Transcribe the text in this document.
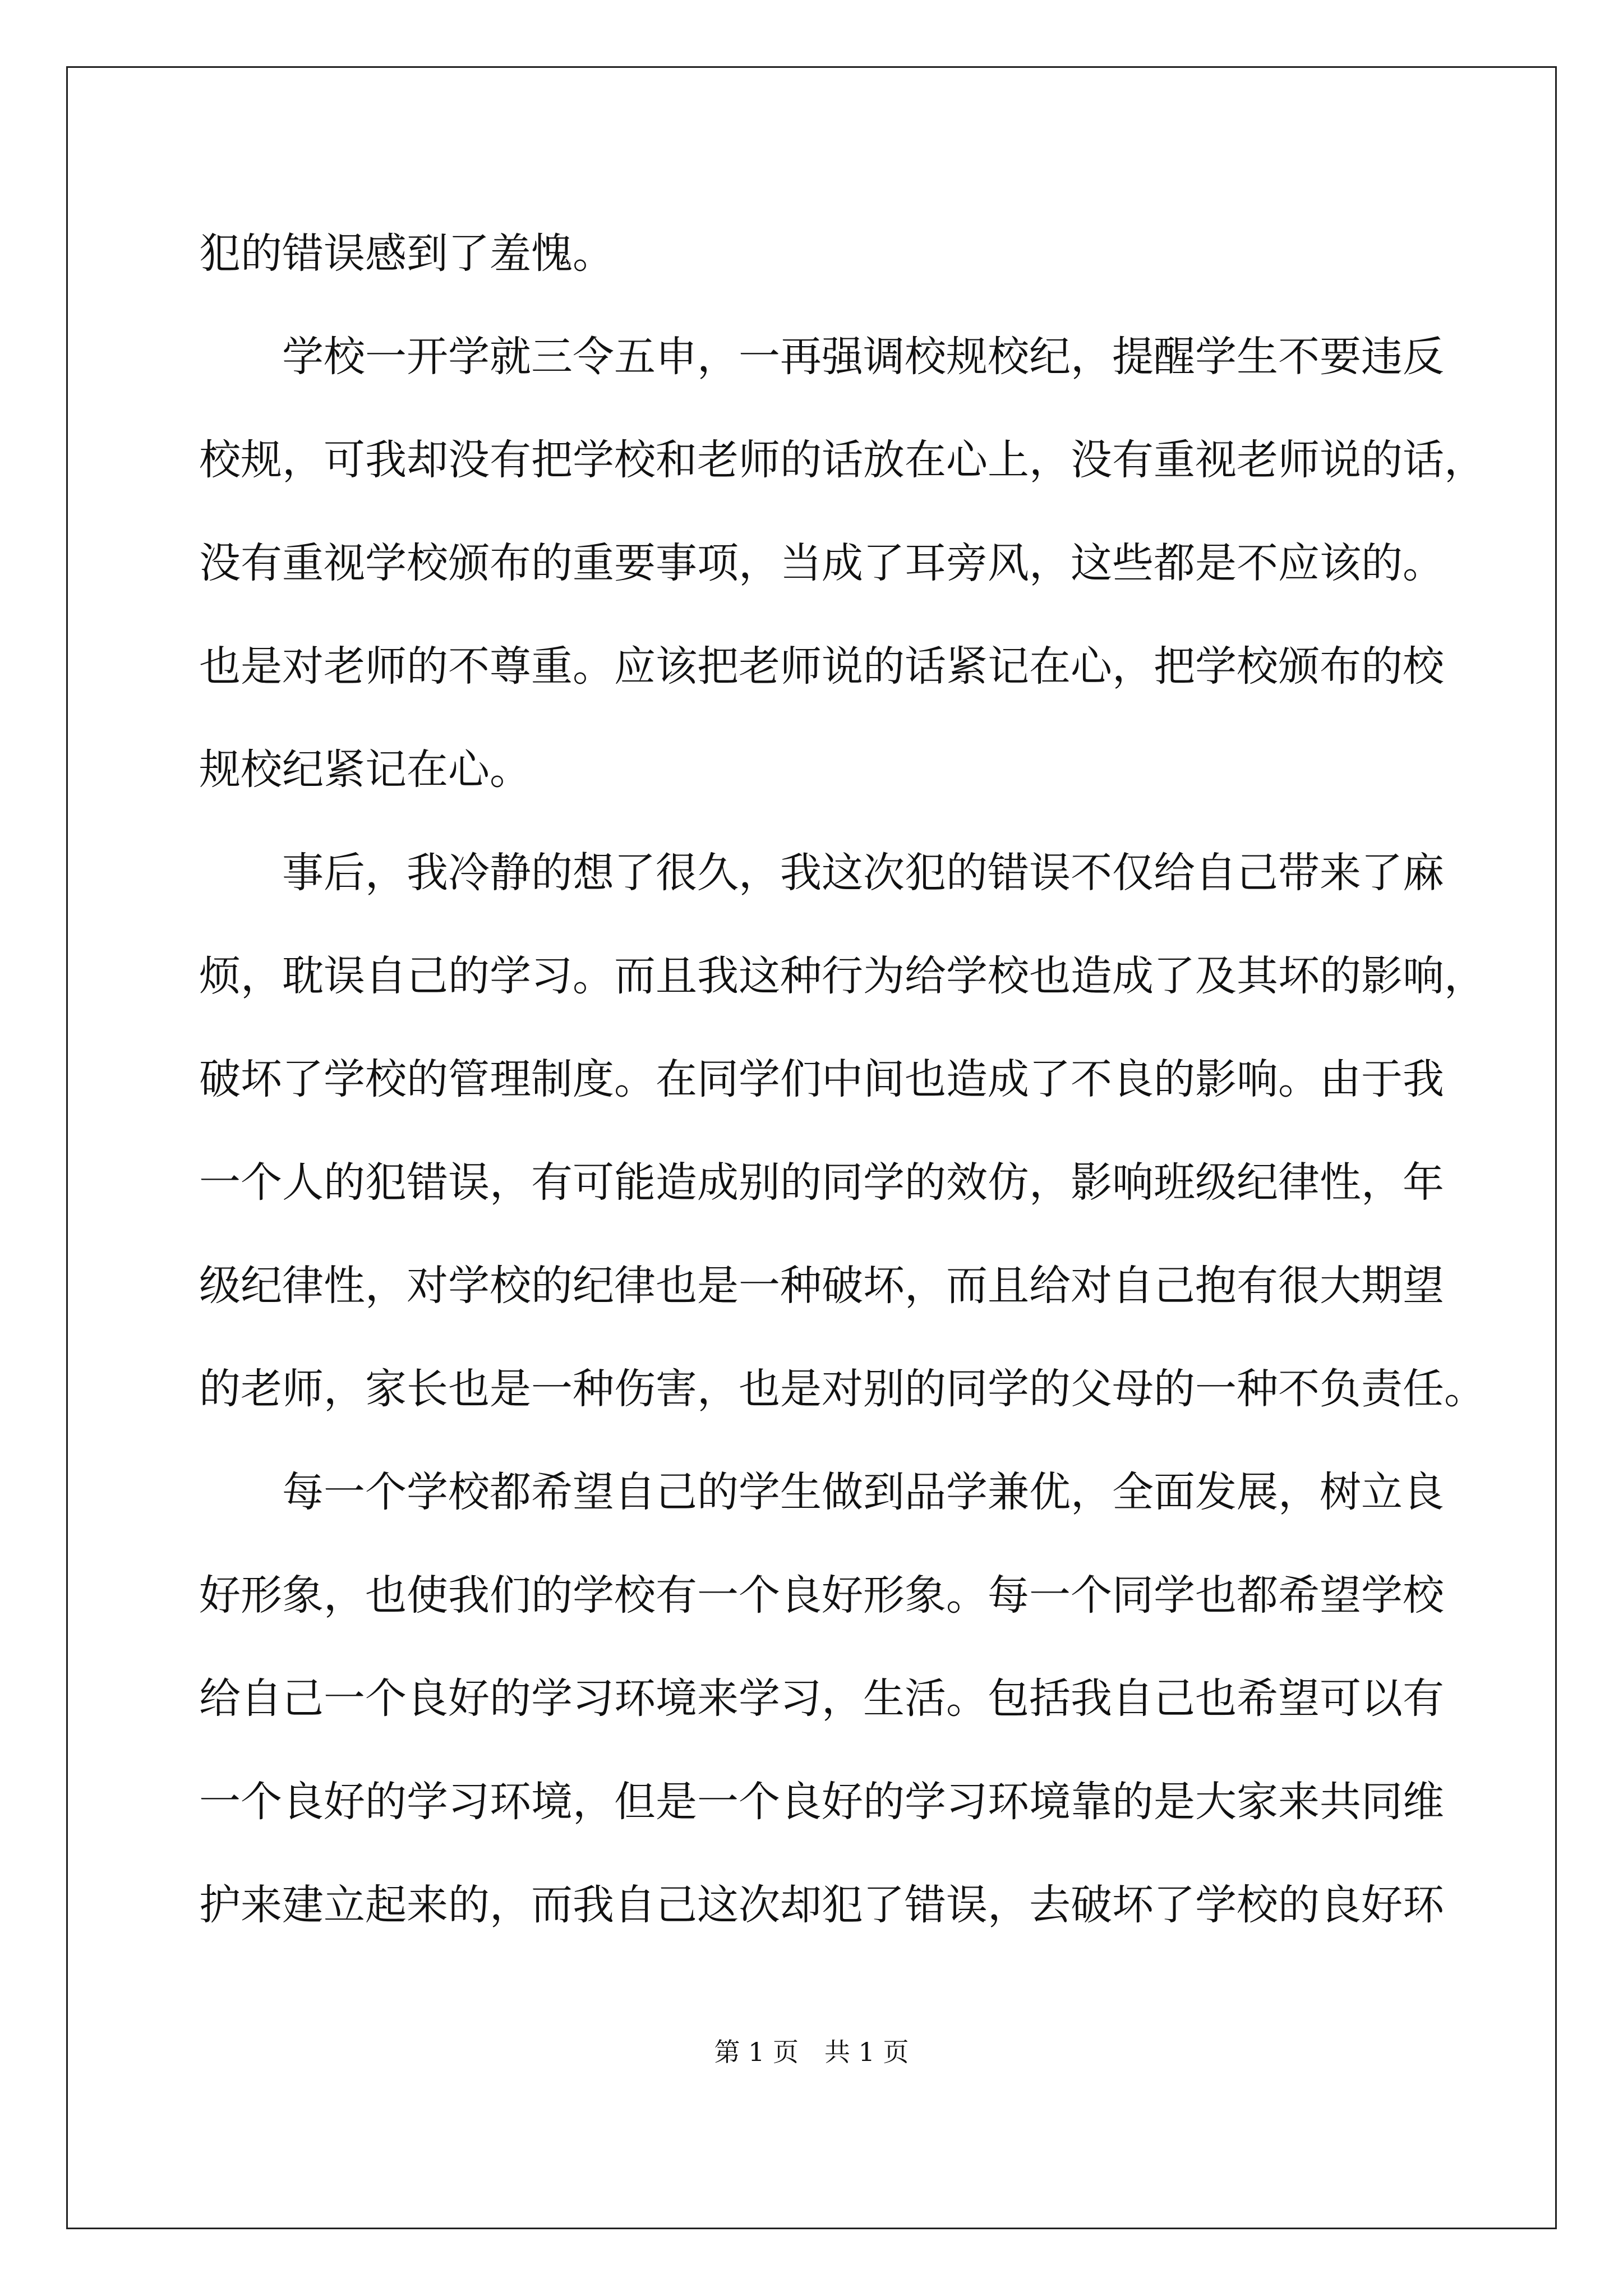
犯的错误感到了羞愧。
学校一开学就三令五申，一再强调校规校纪，提醒学生不要违反
校规，可我却没有把学校和老师的话放在心上，没有重视老师说的话，
没有重视学校颁布的重要事项，当成了耳旁风，这些都是不应该的。
也是对老师的不尊重。应该把老师说的话紧记在心，把学校颁布的校
规校纪紧记在心。
事后，我冷静的想了很久，我这次犯的错误不仅给自己带来了麻
烦，耽误自己的学习。而且我这种行为给学校也造成了及其坏的影响，
破坏了学校的管理制度。在同学们中间也造成了不良的影响。由于我
一个人的犯错误，有可能造成别的同学的效仿，影响班级纪律性，年
级纪律性，对学校的纪律也是一种破坏，而且给对自己抱有很大期望
的老师，家长也是一种伤害，也是对别的同学的父母的一种不负责任。
每一个学校都希望自己的学生做到品学兼优，全面发展，树立良
好形象，也使我们的学校有一个良好形象。每一个同学也都希望学校
给自己一个良好的学习环境来学习，生活。包括我自己也希望可以有
一个良好的学习环境，但是一个良好的学习环境靠的是大家来共同维
护来建立起来的，而我自己这次却犯了错误，去破坏了学校的良好环
第 1 页　共 1 页
